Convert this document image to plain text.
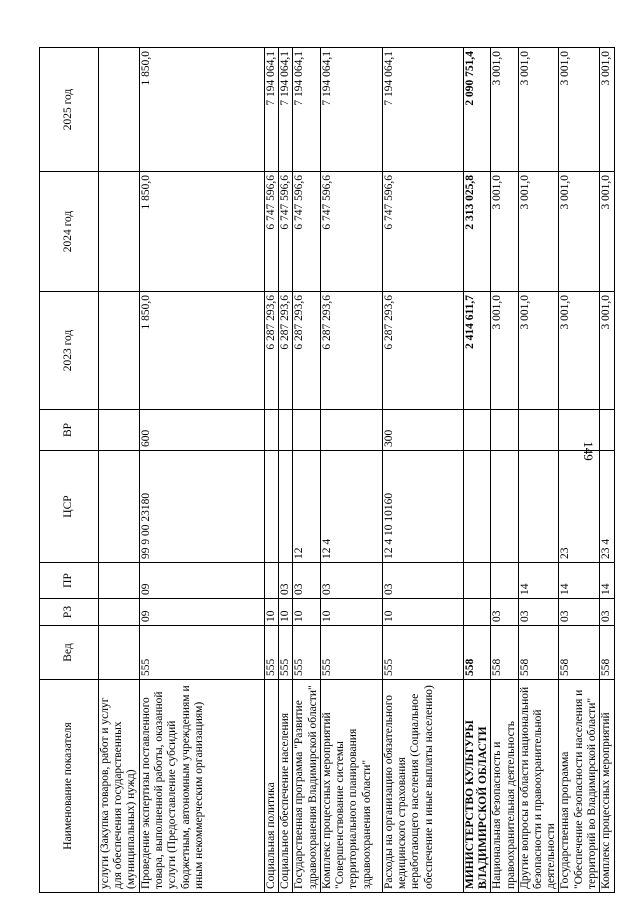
149
Наименование показателя	Вед	РЗ	ПР	ЦСР	ВР	2023 год	2024 год	2025 год
услуги (Закупка товаров, работ и услуг для обеспечения государственных (муниципальных) нужд)								
Проведение экспертизы поставленного товара, выполненной работы, оказанной услуги (Предоставление субсидий бюджетным, автономным учреждениям и иным некоммерческим организациям)	555	09	09	99 9 00 23180	600	1 850,0	1 850,0	1 850,0
Социальная политика	555	10				6 287 293,6	6 747 596,6	7 194 064,1
Социальное обеспечение населения	555	10	03			6 287 293,6	6 747 596,6	7 194 064,1
Государственная программа "Развитие здравоохранения Владимирской области"	555	10	03	12		6 287 293,6	6 747 596,6	7 194 064,1
Комплекс процессных мероприятий "Совершенствование системы территориального планирования здравоохранения области"	555	10	03	12 4		6 287 293,6	6 747 596,6	7 194 064,1
Расходы на организацию обязательного медицинского страхования неработающего населения (Социальное обеспечение и иные выплаты населению)	555	10	03	12 4 10 10160	300	6 287 293,6	6 747 596,6	7 194 064,1
МИНИСТЕРСТВО КУЛЬТУРЫ ВЛАДИМИРСКОЙ ОБЛАСТИ	558					2 414 611,7	2 313 025,8	2 090 751,4
Национальная безопасность и правоохранительная деятельность	558	03				3 001,0	3 001,0	3 001,0
Другие вопросы в области национальной безопасности и правоохранительной деятельности	558	03	14			3 001,0	3 001,0	3 001,0
Государственная программа "Обеспечение безопасности населения и территорий во Владимирской области"	558	03	14	23		3 001,0	3 001,0	3 001,0
Комплекс процессных мероприятий	558	03	14	23 4		3 001,0	3 001,0	3 001,0
